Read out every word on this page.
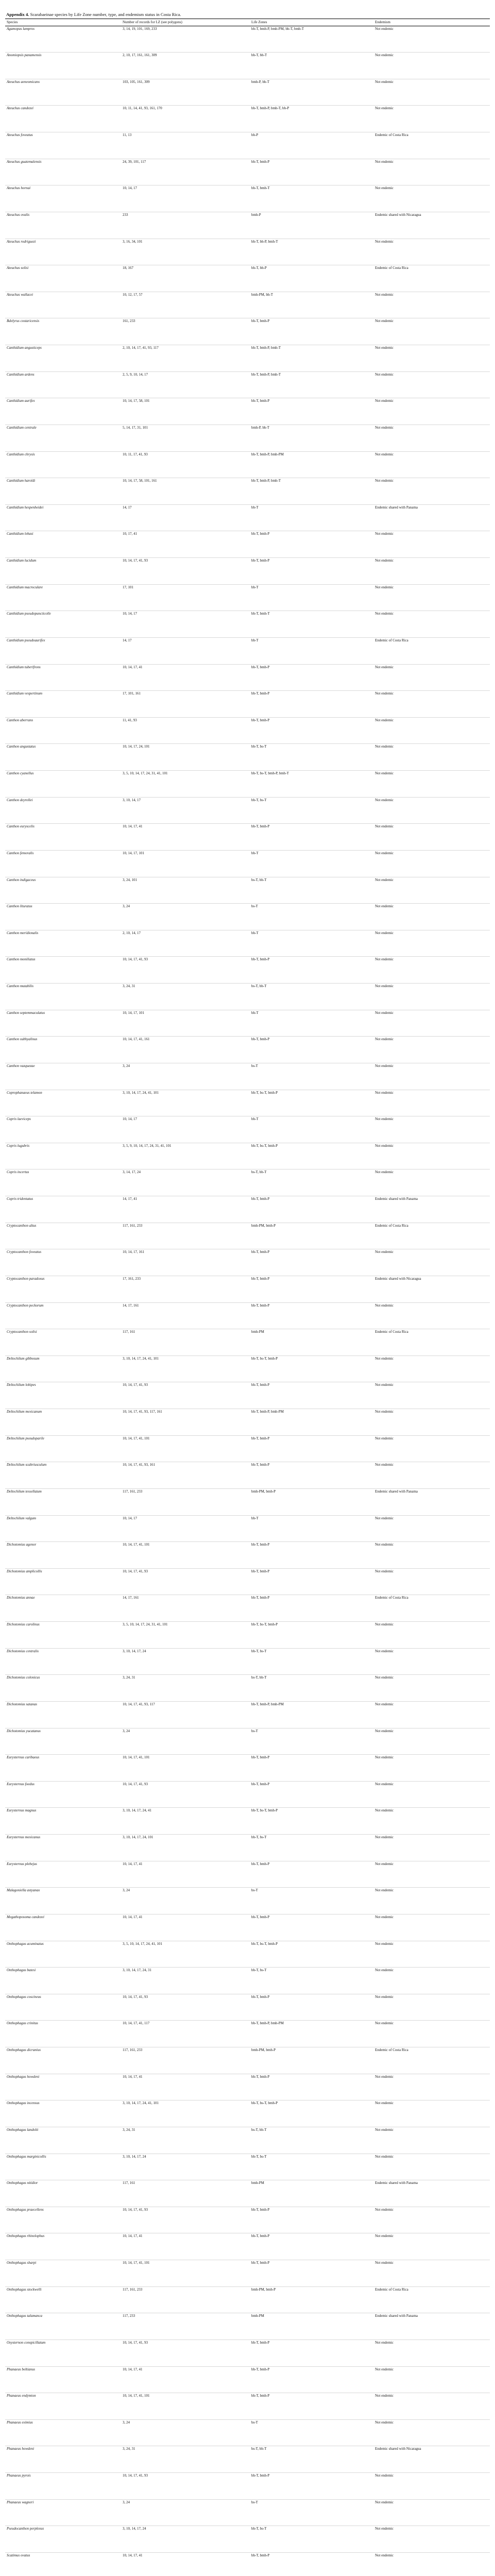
Appendix 4. Scarabaeinae species by Life Zone number, type, and endemism status in Costa Rica.
Species	Number of records for LZ (see polygons)	Life Zones	Endemism
Agamopus lampros	3, 14, 19, 101, 169, 233	bh-T, bmh-P, bmh-PM, bh-T, bmh-T	Not endemic
Anomiopsis panamensis	2, 10, 17, 161, 161, 309	bh-T, bh-T	Not endemic
Ateuchus aeneomicans	103, 105, 161, 309	bmh-P, bh-T	Not endemic
Ateuchus candezei	10, 11, 14, 41, 93, 161, 170	bh-T, bmh-P, bmh-T, bh-P	Not endemic
Ateuchus foveatus	11, 13	bh-P	Endemic of Costa Rica
Ateuchus guatemalensis	24, 39, 101, 117	bh-T, bmh-P	Not endemic
Ateuchus hornai	10, 14, 17	bh-T, bmh-T	Not endemic
Ateuchus ovalis	233	bmh-P	Endemic shared with Nicaragua
Ateuchus rodriguezi	3, 16, 34, 101	bh-T, bh-P, bmh-T	Not endemic
Ateuchus solisi	18, 167	bh-T, bh-P	Endemic of Costa Rica
Ateuchus wallacei	10, 12, 17, 57	bmh-PM, bh-T	Not endemic
Bdelyrus costaricensis	161, 233	bh-T, bmh-P	Not endemic
Canthidium angusticeps	2, 10, 14, 17, 41, 93, 117	bh-T, bmh-P, bmh-T	Not endemic
Canthidium ardens	2, 5, 9, 10, 14, 17	bh-T, bmh-P, bmh-T	Not endemic
Canthidium aurifex	10, 14, 17, 58, 101	bh-T, bmh-P	Not endemic
Canthidium centrale	5, 14, 17, 31, 101	bmh-P, bh-T	Not endemic
Canthidium chrysis	10, 11, 17, 41, 93	bh-T, bmh-P, bmh-PM	Not endemic
Canthidium haroldi	10, 14, 17, 58, 101, 161	bh-T, bmh-P, bmh-T	Not endemic
Canthidium hespenheidei	14, 17	bh-T	Endemic shared with Panama
Canthidium lebasi	10, 17, 41	bh-T, bmh-P	Not endemic
Canthidium lucidum	10, 14, 17, 41, 93	bh-T, bmh-P	Not endemic
Canthidium macroculare	17, 101	bh-T	Not endemic
Canthidium pseudopuncticolle	10, 14, 17	bh-T, bmh-T	Not endemic
Canthidium pseudoaurifex	14, 17	bh-T	Endemic of Costa Rica
Canthidium tuberifrons	10, 14, 17, 41	bh-T, bmh-P	Not endemic
Canthidium vespertinum	17, 101, 161	bh-T, bmh-P	Not endemic
Canthon aberrans	11, 41, 93	bh-T, bmh-P	Not endemic
Canthon angustatus	10, 14, 17, 24, 101	bh-T, bs-T	Not endemic
Canthon cyanellus	3, 5, 10, 14, 17, 24, 31, 41, 101	bh-T, bs-T, bmh-P, bmh-T	Not endemic
Canthon deyrollei	3, 10, 14, 17	bh-T, bs-T	Not endemic
Canthon euryscelis	10, 14, 17, 41	bh-T, bmh-P	Not endemic
Canthon femoralis	10, 14, 17, 101	bh-T	Not endemic
Canthon indigaceus	3, 24, 101	bs-T, bh-T	Not endemic
Canthon lituratus	3, 24	bs-T	Not endemic
Canthon meridionalis	2, 10, 14, 17	bh-T	Not endemic
Canthon moniliatus	10, 14, 17, 41, 93	bh-T, bmh-P	Not endemic
Canthon mutabilis	3, 24, 31	bs-T, bh-T	Not endemic
Canthon septemmaculatus	10, 14, 17, 101	bh-T	Not endemic
Canthon subhyalinus	10, 14, 17, 41, 161	bh-T, bmh-P	Not endemic
Canthon vazquezae	3, 24	bs-T	Not endemic
Coprophanaeus telamon	3, 10, 14, 17, 24, 41, 101	bh-T, bs-T, bmh-P	Not endemic
Copris laeviceps	10, 14, 17	bh-T	Not endemic
Copris lugubris	3, 5, 9, 10, 14, 17, 24, 31, 41, 101	bh-T, bs-T, bmh-P	Not endemic
Copris incertus	3, 14, 17, 24	bs-T, bh-T	Not endemic
Copris tridentatus	14, 17, 41	bh-T, bmh-P	Endemic shared with Panama
Cryptocanthon altus	117, 161, 233	bmh-PM, bmh-P	Endemic of Costa Rica
Cryptocanthon foveatus	10, 14, 17, 161	bh-T, bmh-P	Not endemic
Cryptocanthon paradoxus	17, 161, 233	bh-T, bmh-P	Endemic shared with Nicaragua
Cryptocanthon peckorum	14, 17, 161	bh-T, bmh-P	Not endemic
Cryptocanthon solisi	117, 161	bmh-PM	Endemic of Costa Rica
Deltochilum gibbosum	3, 10, 14, 17, 24, 41, 101	bh-T, bs-T, bmh-P	Not endemic
Deltochilum lobipes	10, 14, 17, 41, 93	bh-T, bmh-P	Not endemic
Deltochilum mexicanum	10, 14, 17, 41, 93, 117, 161	bh-T, bmh-P, bmh-PM	Not endemic
Deltochilum pseudoparile	10, 14, 17, 41, 101	bh-T, bmh-P	Not endemic
Deltochilum scabriusculum	10, 14, 17, 41, 93, 161	bh-T, bmh-P	Not endemic
Deltochilum tessellatum	117, 161, 233	bmh-PM, bmh-P	Endemic shared with Panama
Deltochilum valgum	10, 14, 17	bh-T	Not endemic
Dichotomius agenor	10, 14, 17, 41, 101	bh-T, bmh-P	Not endemic
Dichotomius amplicollis	10, 14, 17, 41, 93	bh-T, bmh-P	Not endemic
Dichotomius annae	14, 17, 161	bh-T, bmh-P	Endemic of Costa Rica
Dichotomius carolinus	3, 5, 10, 14, 17, 24, 31, 41, 101	bh-T, bs-T, bmh-P	Not endemic
Dichotomius centralis	3, 10, 14, 17, 24	bh-T, bs-T	Not endemic
Dichotomius colonicus	3, 24, 31	bs-T, bh-T	Not endemic
Dichotomius satanas	10, 14, 17, 41, 93, 117	bh-T, bmh-P, bmh-PM	Not endemic
Dichotomius yucatanus	3, 24	bs-T	Not endemic
Eurysternus caribaeus	10, 14, 17, 41, 101	bh-T, bmh-P	Not endemic
Eurysternus foedus	10, 14, 17, 41, 93	bh-T, bmh-P	Not endemic
Eurysternus magnus	3, 10, 14, 17, 24, 41	bh-T, bs-T, bmh-P	Not endemic
Eurysternus mexicanus	3, 10, 14, 17, 24, 101	bh-T, bs-T	Not endemic
Eurysternus plebejus	10, 14, 17, 41	bh-T, bmh-P	Not endemic
Malagoniella astyanax	3, 24	bs-T	Not endemic
Megathoposoma candezei	10, 14, 17, 41	bh-T, bmh-P	Not endemic
Onthophagus acuminatus	3, 5, 10, 14, 17, 24, 41, 101	bh-T, bs-T, bmh-P	Not endemic
Onthophagus batesi	3, 10, 14, 17, 24, 31	bh-T, bs-T	Not endemic
Onthophagus coscineus	10, 14, 17, 41, 93	bh-T, bmh-P	Not endemic
Onthophagus crinitus	10, 14, 17, 41, 117	bh-T, bmh-P, bmh-PM	Not endemic
Onthophagus dicranius	117, 161, 233	bmh-PM, bmh-P	Endemic of Costa Rica
Onthophagus howdeni	10, 14, 17, 41	bh-T, bmh-P	Not endemic
Onthophagus incensus	3, 10, 14, 17, 24, 41, 101	bh-T, bs-T, bmh-P	Not endemic
Onthophagus landolti	3, 24, 31	bs-T, bh-T	Not endemic
Onthophagus marginicollis	3, 10, 14, 17, 24	bh-T, bs-T	Not endemic
Onthophagus nitidior	117, 161	bmh-PM	Endemic shared with Panama
Onthophagus praecellens	10, 14, 17, 41, 93	bh-T, bmh-P	Not endemic
Onthophagus rhinolophus	10, 14, 17, 41	bh-T, bmh-P	Not endemic
Onthophagus sharpi	10, 14, 17, 41, 101	bh-T, bmh-P	Not endemic
Onthophagus stockwelli	117, 161, 233	bmh-PM, bmh-P	Endemic of Costa Rica
Onthophagus talamanca	117, 233	bmh-PM	Endemic shared with Panama
Oxysternon conspicillatum	10, 14, 17, 41, 93	bh-T, bmh-P	Not endemic
Phanaeus beltianus	10, 14, 17, 41	bh-T, bmh-P	Not endemic
Phanaeus endymion	10, 14, 17, 41, 101	bh-T, bmh-P	Not endemic
Phanaeus eximius	3, 24	bs-T	Not endemic
Phanaeus howdeni	3, 24, 31	bs-T, bh-T	Endemic shared with Nicaragua
Phanaeus pyrois	10, 14, 17, 41, 93	bh-T, bmh-P	Not endemic
Phanaeus wagneri	3, 24	bs-T	Not endemic
Pseudocanthon perplexus	3, 10, 14, 17, 24	bh-T, bs-T	Not endemic
Scatimus ovatus	10, 14, 17, 41	bh-T, bmh-P	Not endemic
